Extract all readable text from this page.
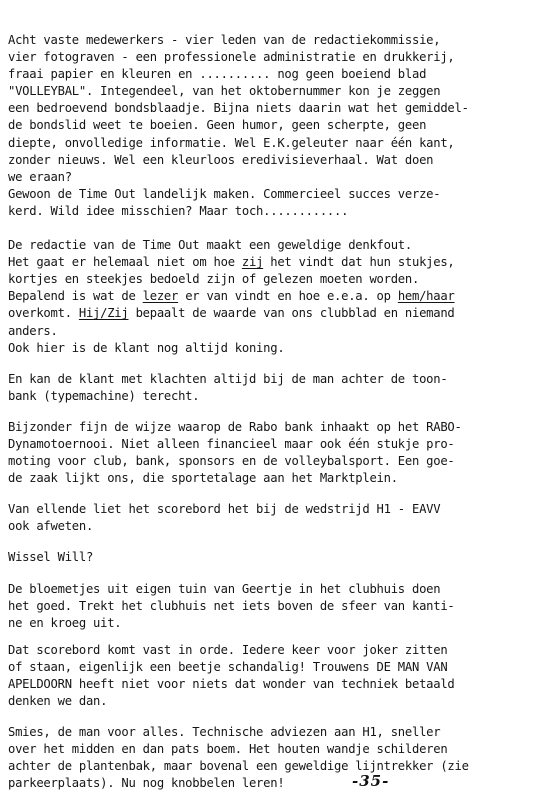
Acht vaste medewerkers - vier leden van de redactiekommissie,
vier fotograven - een professionele administratie en drukkerij,
fraai papier en kleuren en .......... nog geen boeiend blad
"VOLLEYBAL". Integendeel, van het oktobernummer kon je zeggen
een bedroevend bondsblaadje. Bijna niets daarin wat het gemiddel-
de bondslid weet te boeien. Geen humor, geen scherpte, geen
diepte, onvolledige informatie. Wel E.K.geleuter naar één kant,
zonder nieuws. Wel een kleurloos eredivisieverhaal. Wat doen
we eraan?
Gewoon de Time Out landelijk maken. Commercieel succes verze-
kerd. Wild idee misschien? Maar toch............
De redactie van de Time Out maakt een geweldige denkfout.
Het gaat er helemaal niet om hoe zij het vindt dat hun stukjes,
kortjes en steekjes bedoeld zijn of gelezen moeten worden.
Bepalend is wat de lezer er van vindt en hoe e.e.a. op hem/haar
overkomt. Hij/Zij bepaalt de waarde van ons clubblad en niemand
anders.
Ook hier is de klant nog altijd koning.
En kan de klant met klachten altijd bij de man achter de toon-
bank (typemachine) terecht.
Bijzonder fijn de wijze waarop de Rabo bank inhaakt op het RABO-
Dynamotoernooi. Niet alleen financieel maar ook één stukje pro-
moting voor club, bank, sponsors en de volleybalsport. Een goe-
de zaak lijkt ons, die sportetalage aan het Marktplein.
Van ellende liet het scorebord het bij de wedstrijd H1 - EAVV
ook afweten.
Wissel Will?
De bloemetjes uit eigen tuin van Geertje in het clubhuis doen
het goed. Trekt het clubhuis net iets boven de sfeer van kanti-
ne en kroeg uit.
Dat scorebord komt vast in orde. Iedere keer voor joker zitten
of staan, eigenlijk een beetje schandalig! Trouwens DE MAN VAN
APELDOORN heeft niet voor niets dat wonder van techniek betaald
denken we dan.
Smies, de man voor alles. Technische adviezen aan H1, sneller
over het midden en dan pats boem. Het houten wandje schilderen
achter de plantenbak, maar bovenal een geweldige lijntrekker (zie
parkeerplaats). Nu nog knobbelen leren!	-35-
